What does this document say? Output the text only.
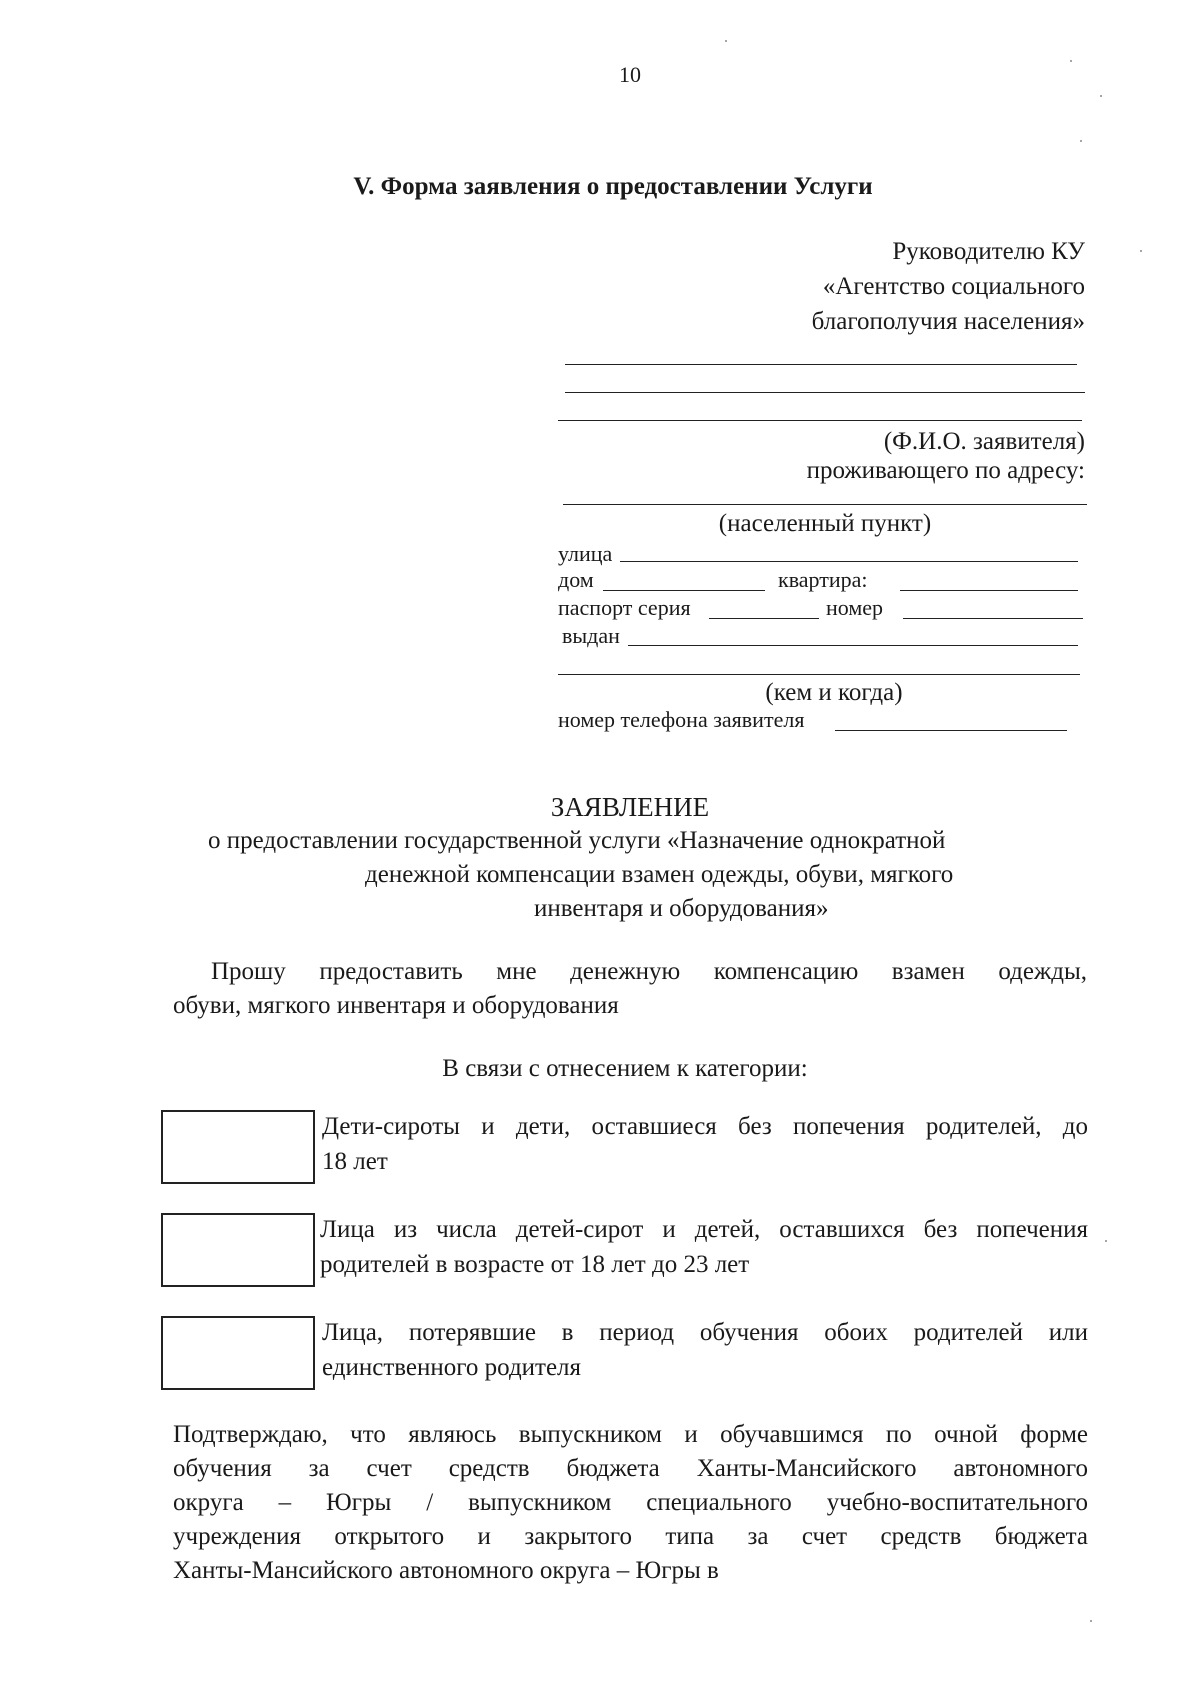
10
V. Форма заявления о предоставлении Услуги
Руководителю КУ
«Агентство социального
благополучия населения»
(Ф.И.О. заявителя)
проживающего по адресу:
(населенный пункт)
улица
дом	квартира:
паспорт серия	номер
выдан
(кем и когда)
номер телефона заявителя
ЗАЯВЛЕНИЕ
о предоставлении государственной услуги «Назначение однократной
денежной компенсации взамен одежды, обуви, мягкого
инвентаря и оборудования»
Прошу предоставить мне денежную компенсацию взамен одежды,
обуви, мягкого инвентаря и оборудования
В связи с отнесением к категории:
Дети-сироты и дети, оставшиеся без попечения родителей, до
18 лет
Лица из числа детей-сирот и детей, оставшихся без попечения
родителей в возрасте от 18 лет до 23 лет
Лица, потерявшие в период обучения обоих родителей или
единственного родителя
Подтверждаю, что являюсь выпускником и обучавшимся по очной форме
обучения за счет средств бюджета Ханты-Мансийского автономного
округа – Югры / выпускником специального учебно-воспитательного
учреждения открытого и закрытого типа за счет средств бюджета
Ханты-Мансийского автономного округа – Югры в
